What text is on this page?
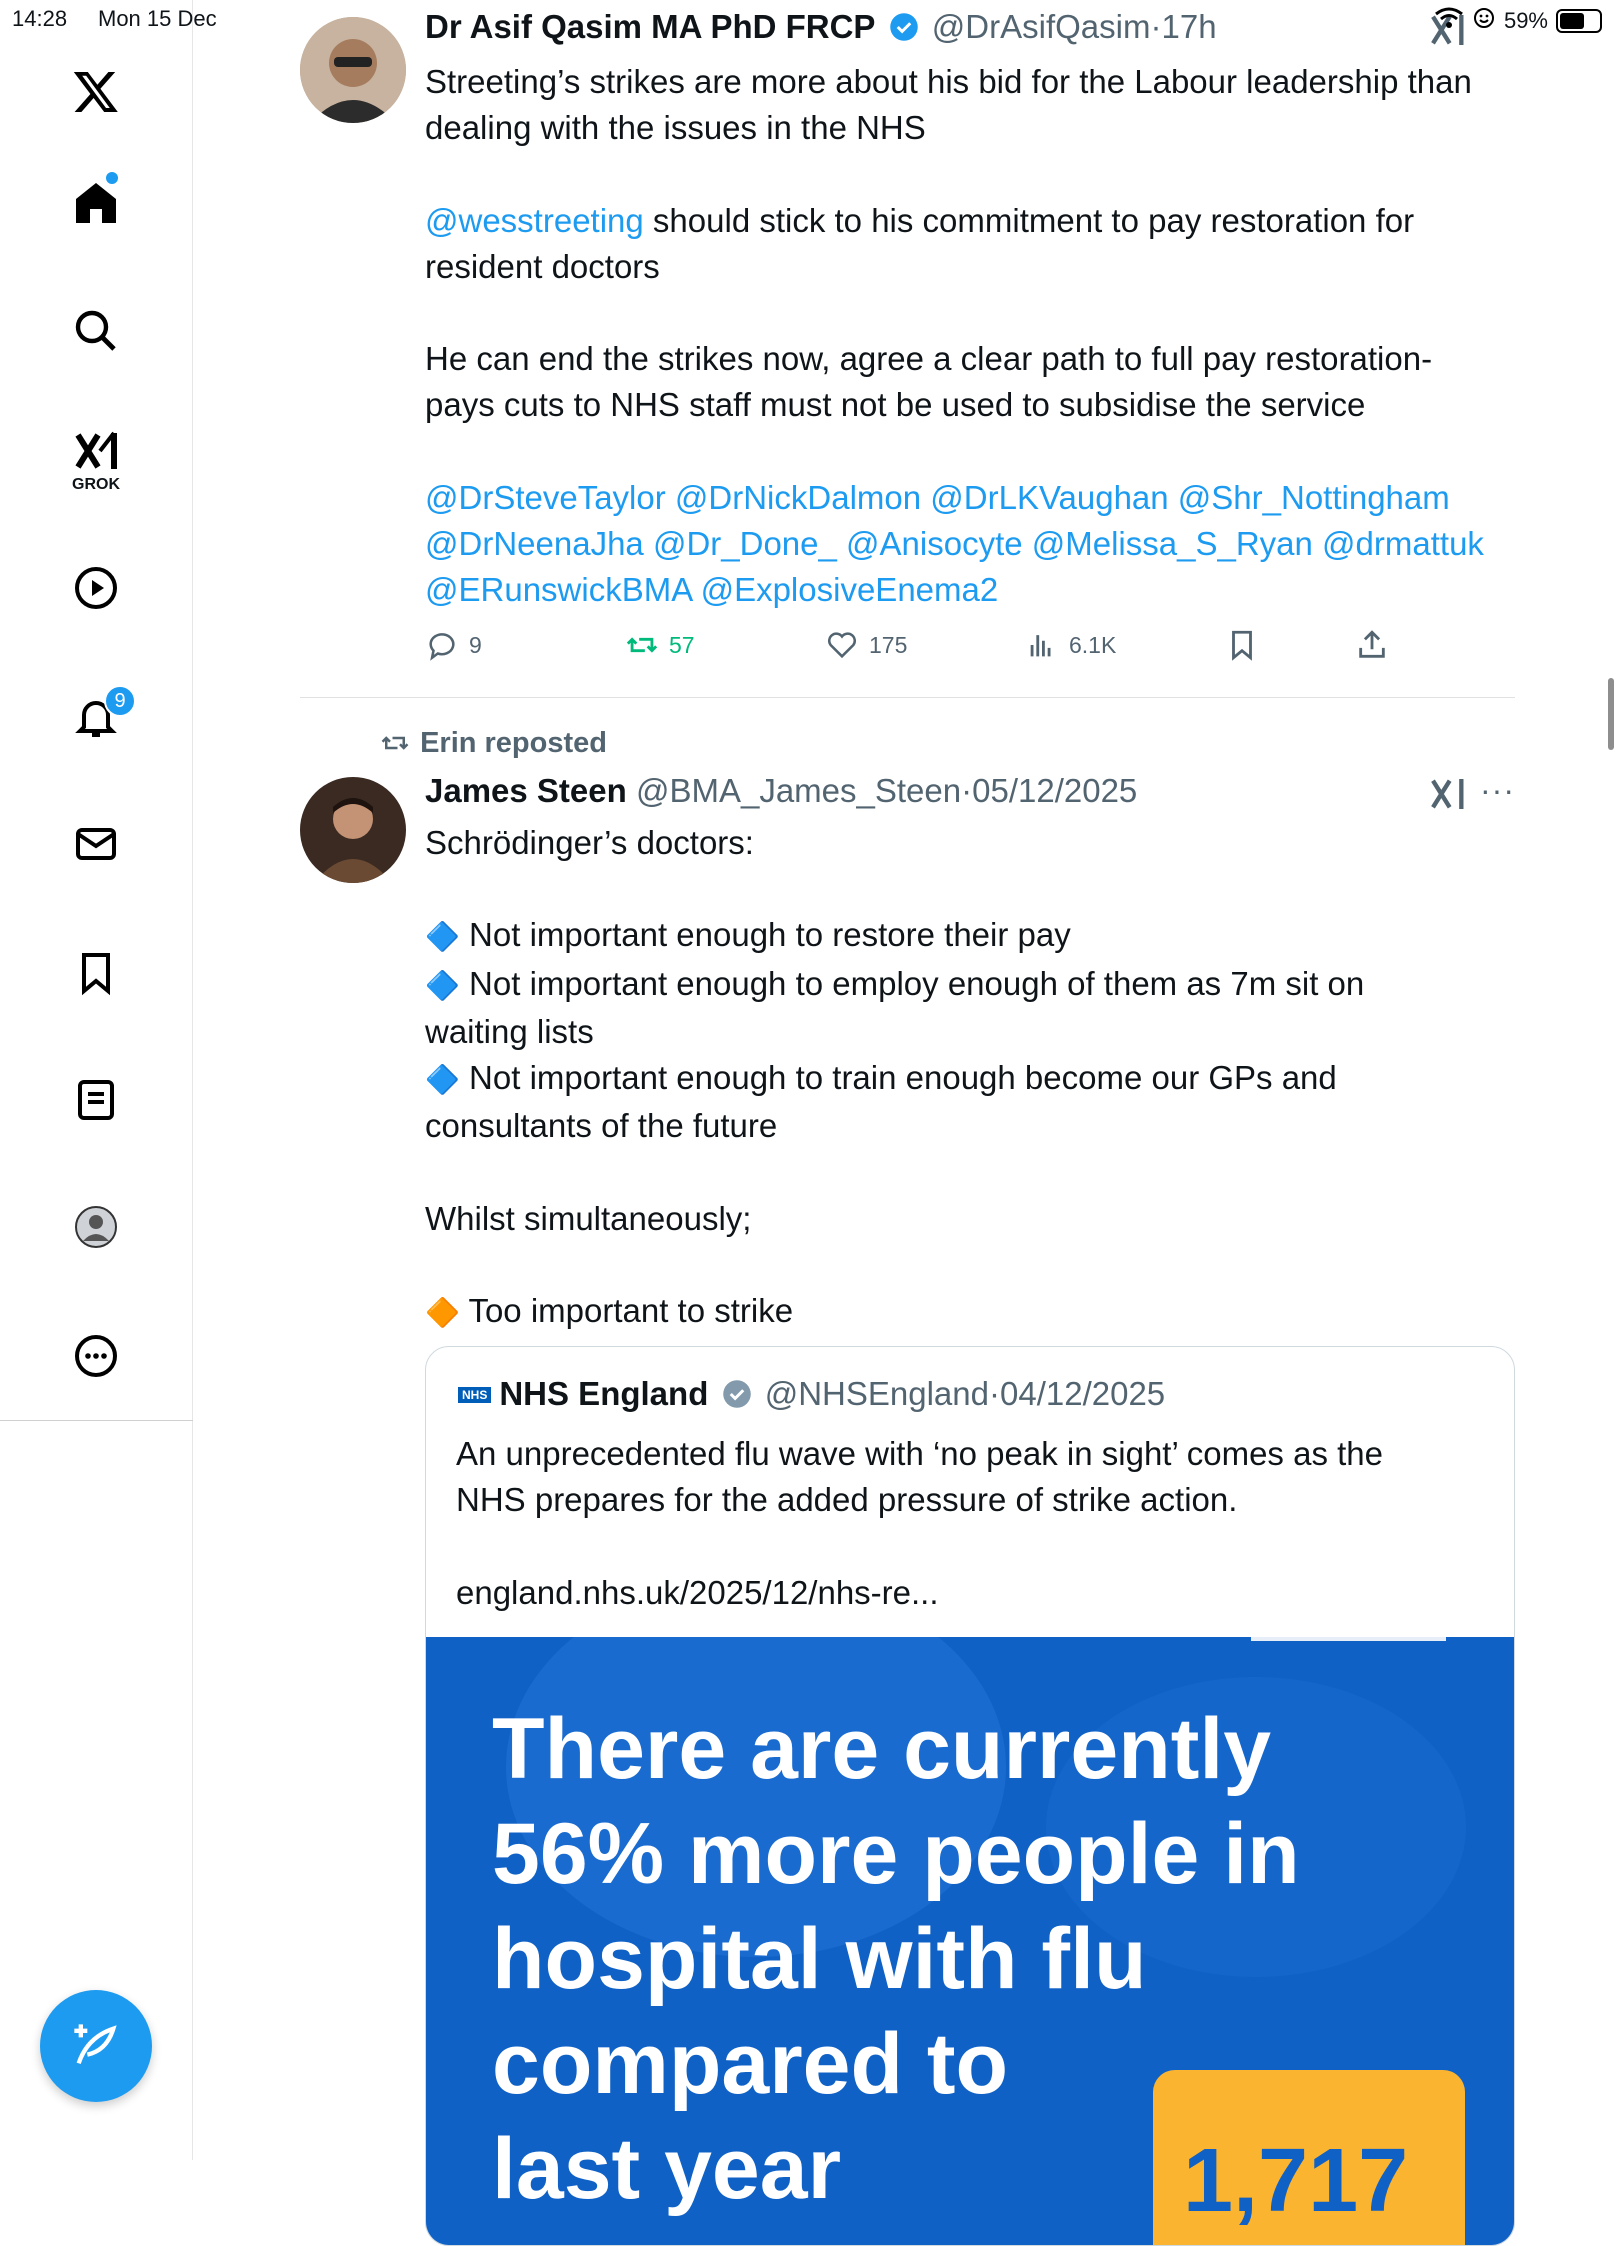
14:28 Mon 15 Dec	59%
GROK
9
Dr Asif Qasim MA PhD FRCP @DrAsifQasim·17h

Streeting’s strikes are more about his bid for the Labour leadership than

dealing with the issues in the NHS

@wesstreeting should stick to his commitment to pay restoration for

resident doctors

He can end the strikes now, agree a clear path to full pay restoration-

pays cuts to NHS staff must not be used to subsidise the service

@DrSteveTaylor @DrNickDalmon @DrLKVaughan @Shr_Nottingham

@DrNeenaJha @Dr_Done_ @Anisocyte @Melissa_S_Ryan @drmattuk

@ERunswickBMA @ExplosiveEnema2

9	57	175	6.1K
Erin reposted
James Steen @BMA_James_Steen·05/12/2025	···

Schrödinger’s doctors:

🔷 Not important enough to restore their pay

🔷 Not important enough to employ enough of them as 7m sit on

waiting lists

🔷 Not important enough to train enough become our GPs and

consultants of the future

Whilst simultaneously;

🔶 Too important to strike

NHS NHS England @NHSEngland·04/12/2025

An unprecedented flu wave with ‘no peak in sight’ comes as the

NHS prepares for the added pressure of strike action.

england.nhs.uk/2025/12/nhs-re...

There are currently
56% more people in
hospital with flu
compared to
last year	1,717
